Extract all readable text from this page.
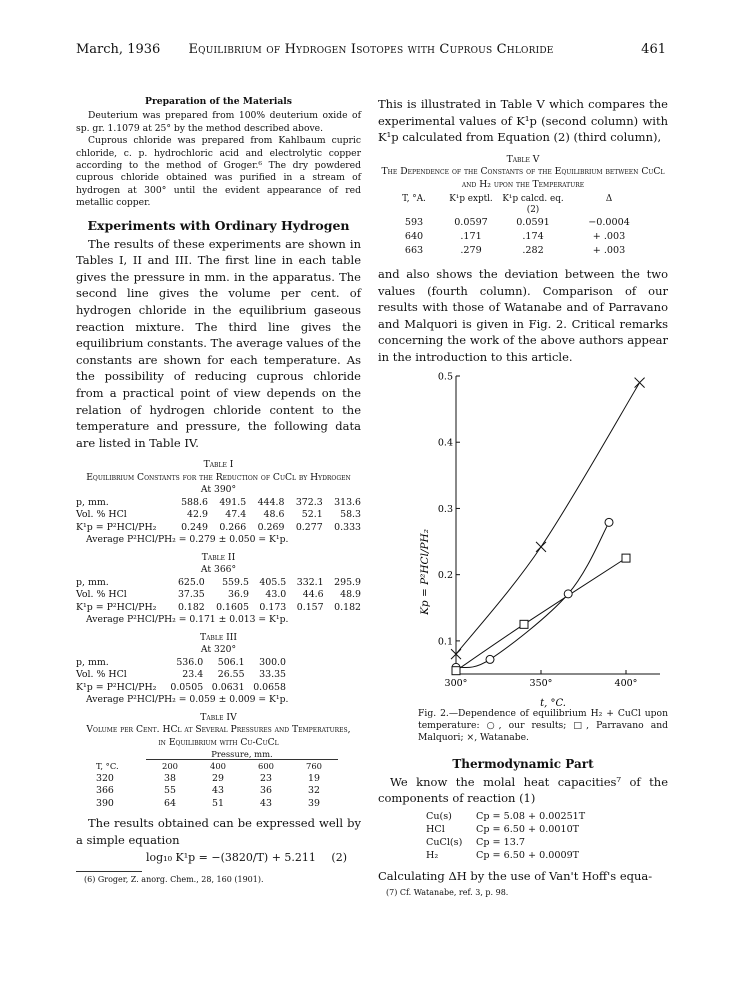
March, 1936	Equilibrium of Hydrogen Isotopes with Cuprous Chloride	461

Preparation of the Materials

Deuterium was prepared from 100% deuterium oxide of sp. gr. 1.1079 at 25° by the method described above.

Cuprous chloride was prepared from Kahlbaum cupric chloride, c. p. hydrochloric acid and electrolytic copper according to the method of Groger.⁶ The dry powdered cuprous chloride obtained was purified in a stream of hydrogen at 300° until the evident appearance of red metallic copper.

Experiments with Ordinary Hydrogen

The results of these experiments are shown in Tables I, II and III. The first line in each table gives the pressure in mm. in the apparatus. The second line gives the volume per cent. of hydrogen chloride in the equilibrium gaseous reaction mixture. The third line gives the equilibrium constants. The average values of the constants are shown for each temperature. As the possibility of reducing cuprous chloride from a practical point of view depends on the relation of hydrogen chloride content to the temperature and pressure, the following data are listed in Table IV.

Table I

Equilibrium Constants for the Reduction of CuCl by Hydrogen

At 390°

p, mm.	588.6	491.5	444.8	372.3	313.6
Vol. % HCl	42.9	47.4	48.6	52.1	58.3
K¹p = P²HCl/PH₂	0.249	0.266	0.269	0.277	0.333

Average P²HCl/PH₂ = 0.279 ± 0.050 = K¹p.

Table II

At 366°

p, mm.	625.0	559.5	405.5	332.1	295.9
Vol. % HCl	37.35	36.9	43.0	44.6	48.9
K¹p = P²HCl/PH₂	0.182	0.1605	0.173	0.157	0.182

Average P²HCl/PH₂ = 0.171 ± 0.013 = K¹p.

Table III

At 320°

p, mm.	536.0	506.1	300.0
Vol. % HCl	23.4	26.55	33.35
K¹p = P²HCl/PH₂	0.0505	0.0631	0.0658

Average P²HCl/PH₂ = 0.059 ± 0.009 = K¹p.

Table IV

Volume per Cent. HCl at Several Pressures and Temperatures, in Equilibrium with Cu-CuCl

	Pressure, mm.			
T, °C.	200	400	600	760
320	38	29	23	19
366	55	43	36	32
390	64	51	43	39

The results obtained can be expressed well by a simple equation

log₁₀ K¹p = −(3820/T) + 5.211 (2)

(6) Groger, Z. anorg. Chem., 28, 160 (1901).

This is illustrated in Table V which compares the experimental values of K¹p (second column) with K¹p calculated from Equation (2) (third column),

Table V

The Dependence of the Constants of the Equilibrium between CuCl and H₂ upon the Temperature

T, °A.	K¹p exptl.	K¹p calcd. eq. (2)	Δ
593	0.0597	0.0591	−0.0004
640	.171	.174	+ .003
663	.279	.282	+ .003

and also shows the deviation between the two values (fourth column). Comparison of our results with those of Watanabe and of Parravano and Malquori is given in Fig. 2. Critical remarks concerning the work of the above authors appear in the introduction to this article.

0.1
0.2
0.3
0.4
0.5
300°	350°	400°
Kp = P²HCl/PH₂
t, °C.

Fig. 2.—Dependence of equilibrium H₂ + CuCl upon temperature: ○, our results; □, Parravano and Malquori; ×, Watanabe.

Thermodynamic Part

We know the molal heat capacities⁷ of the components of reaction (1)

Cu(s)	Cp = 5.08 + 0.00251T
HCl	Cp = 6.50 + 0.0010T
CuCl(s)	Cp = 13.7
H₂	Cp = 6.50 + 0.0009T

Calculating ΔH by the use of Van't Hoff's equa-

(7) Cf. Watanabe, ref. 3, p. 98.
